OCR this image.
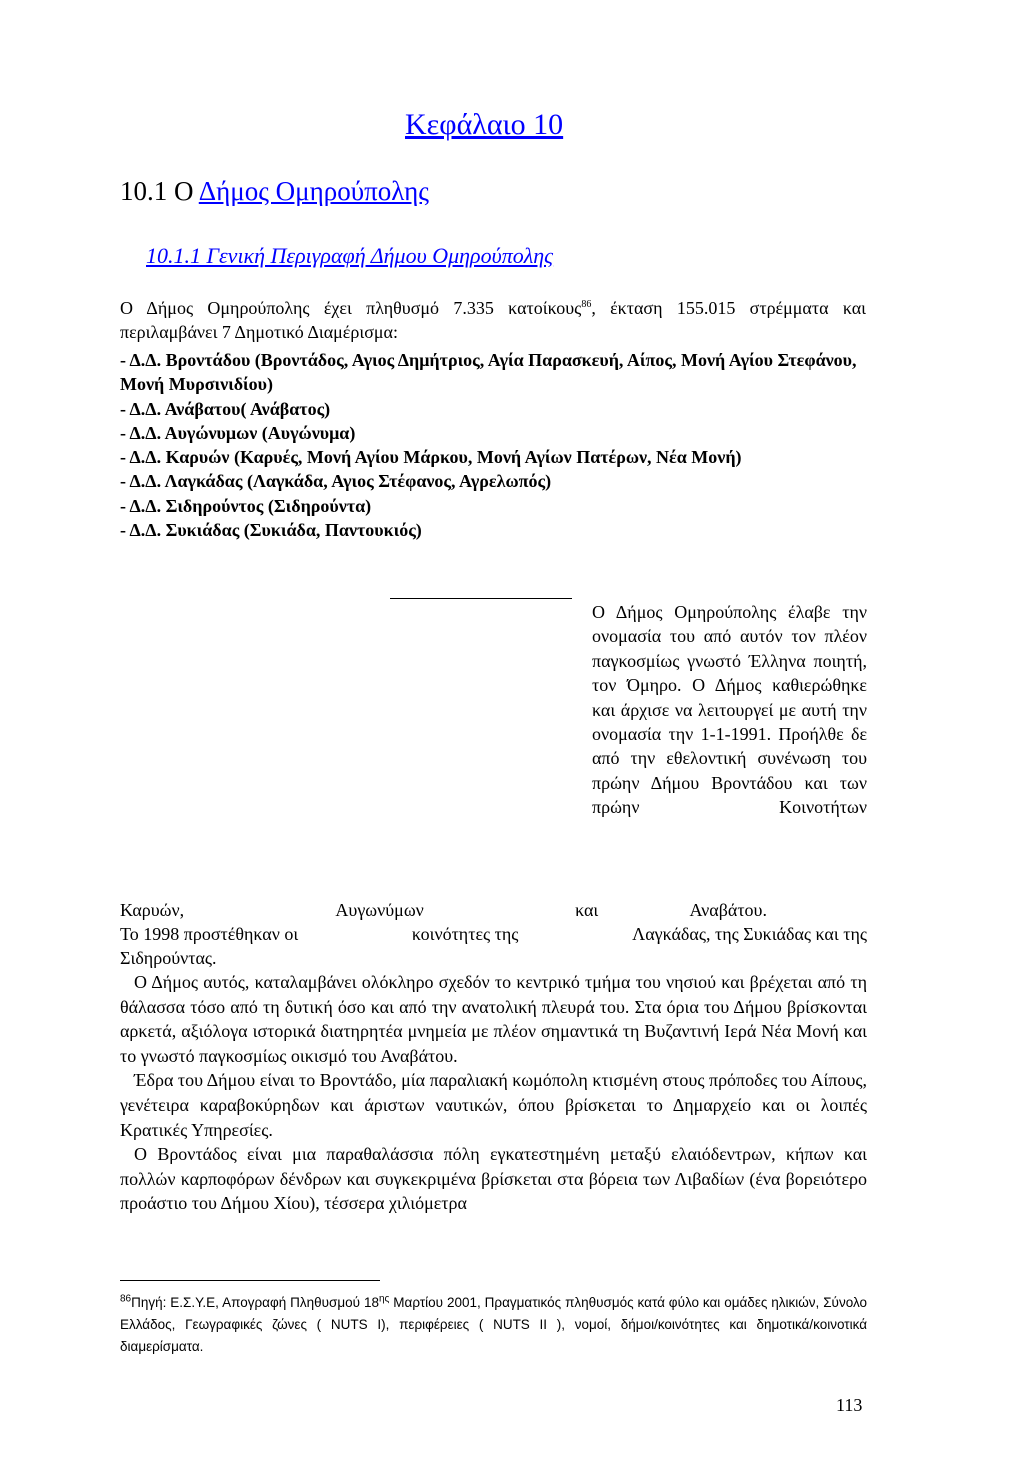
Κεφάλαιο 10
10.1 Ο Δήμος Ομηρούπολης
10.1.1 Γενική Περιγραφή Δήμου Ομηρούπολης
Ο Δήμος Ομηρούπολης έχει πληθυσμό 7.335 κατοίκους$^{86}$, έκταση 155.015 στρέμματα και περιλαμβάνει 7 Δημοτικό Διαμέρισμα:
- Δ.Δ. Βροντάδου (Βροντάδος, Αγιος Δημήτριος, Αγία Παρασκευή, Αίπος, Μονή Αγίου Στεφάνου, Μονή Μυρσινιδίου)
- Δ.Δ. Ανάβατου( Ανάβατος)
- Δ.Δ. Αυγώνυμων (Αυγώνυμα)
- Δ.Δ. Καρυών (Καρυές, Μονή Αγίου Μάρκου, Μονή Αγίων Πατέρων, Νέα Μονή)
- Δ.Δ. Λαγκάδας (Λαγκάδα, Αγιος Στέφανος, Αγρελωπός)
- Δ.Δ. Σιδηρούντος (Σιδηρούντα)
- Δ.Δ. Συκιάδας (Συκιάδα, Παντουκιός)
Ο Δήμος Ομηρούπολης έλαβε την ονομασία του από αυτόν τον πλέον παγκοσμίως γνωστό Έλληνα ποιητή, τον Όμηρο. Ο Δήμος καθιερώθηκε και άρχισε να λειτουργεί με αυτή την ονομασία την 1-1-1991. Προήλθε δε από την εθελοντική συνένωση του πρώην Δήμου Βροντάδου και των πρώην Κοινοτήτων
Καρυών,	Αυγωνύμων	και	Αναβάτου.
Το 1998 προστέθηκαν οι	κοινότητες της	Λαγκάδας, της Συκιάδας και της
Σιδηρούντας.

Ο Δήμος αυτός, καταλαμβάνει ολόκληρο σχεδόν το κεντρικό τμήμα του νησιού και βρέχεται από τη θάλασσα τόσο από τη δυτική όσο και από την ανατολική πλευρά του. Στα όρια του Δήμου βρίσκονται αρκετά, αξιόλογα ιστορικά διατηρητέα μνημεία με πλέον σημαντικά τη Βυζαντινή Ιερά Νέα Μονή και το γνωστό παγκοσμίως οικισμό του Αναβάτου.

Έδρα του Δήμου είναι το Βροντάδο, μία παραλιακή κωμόπολη κτισμένη στους πρόποδες του Αίπους, γενέτειρα καραβοκύρηδων και άριστων ναυτικών, όπου βρίσκεται το Δημαρχείο και οι λοιπές Κρατικές Υπηρεσίες.

Ο Βροντάδος είναι μια παραθαλάσσια πόλη εγκατεστημένη μεταξύ ελαιόδεντρων, κήπων και πολλών καρποφόρων δένδρων και συγκεκριμένα βρίσκεται στα βόρεια των Λιβαδίων (ένα βορειότερο προάστιο του Δήμου Χίου), τέσσερα χιλιόμετρα

$^{86}$Πηγή: Ε.Σ.Υ.Ε, Απογραφή Πληθυσμού $18^{\eta\varsigma}$ Μαρτίου 2001, Πραγματικός πληθυσμός κατά φύλο και ομάδες ηλικιών, Σύνολο Ελλάδος, Γεωγραφικές ζώνες ( NUTS I), περιφέρειες ( NUTS II ), νομοί, δήμοι/κοινότητες και δημοτικά/κοινοτικά διαμερίσματα.
113
